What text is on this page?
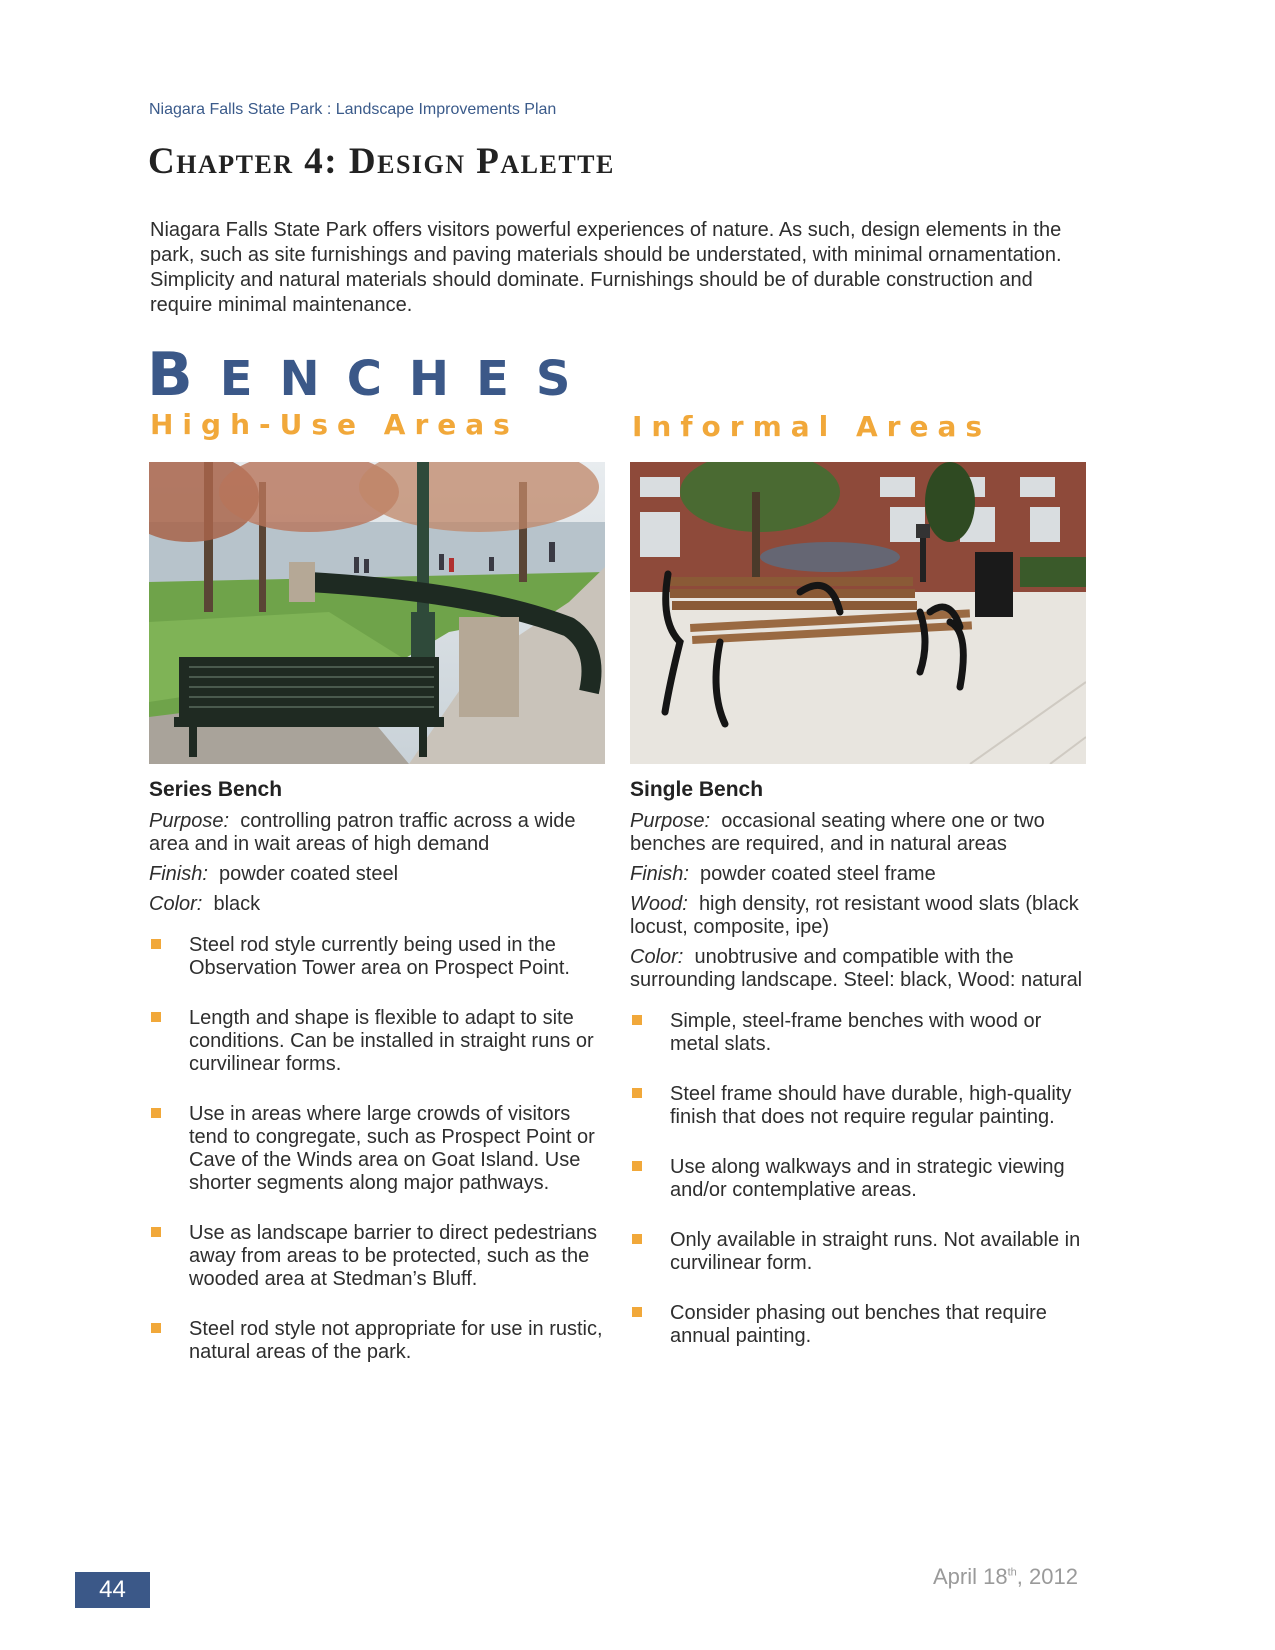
Niagara Falls State Park : Landscape Improvements Plan
Chapter 4: Design Palette

Niagara Falls State Park offers visitors powerful experiences of nature. As such, design elements in the park, such as site furnishings and paving materials should be understated, with minimal ornamentation. Simplicity and natural materials should dominate. Furnishings should be of durable construction and require minimal maintenance.

BENCHES
High-Use Areas	Informal Areas
Series Bench

Purpose: controlling patron traffic across a wide area and in wait areas of high demand

Finish: powder coated steel

Color: black

Steel rod style currently being used in the Observation Tower area on Prospect Point.
Length and shape is flexible to adapt to site conditions. Can be installed in straight runs or curvilinear forms.
Use in areas where large crowds of visitors tend to congregate, such as Prospect Point or Cave of the Winds area on Goat Island. Use shorter segments along major pathways.
Use as landscape barrier to direct pedestrians away from areas to be protected, such as the wooded area at Stedman’s Bluff.
Steel rod style not appropriate for use in rustic, natural areas of the park.
Single Bench

Purpose: occasional seating where one or two benches are required, and in natural areas

Finish: powder coated steel frame

Wood: high density, rot resistant wood slats (black locust, composite, ipe)

Color: unobtrusive and compatible with the surrounding landscape. Steel: black, Wood: natural

Simple, steel-frame benches with wood or metal slats.
Steel frame should have durable, high-quality finish that does not require regular painting.
Use along walkways and in strategic viewing and/or contemplative areas.
Only available in straight runs. Not available in curvilinear form.
Consider phasing out benches that require annual painting.
44	April 18th, 2012
